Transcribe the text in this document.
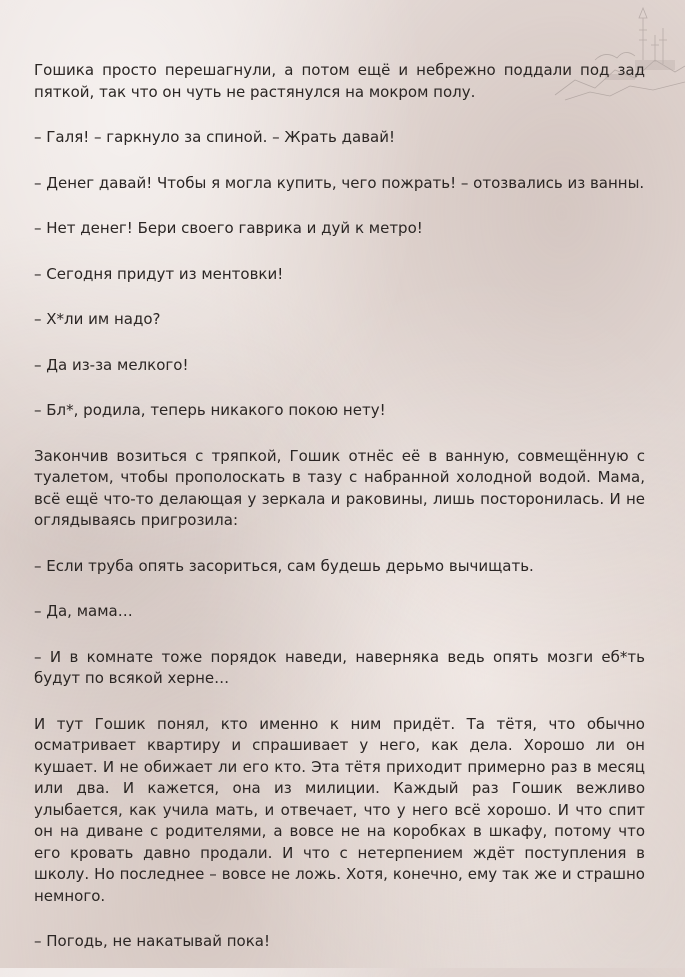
Гошика просто перешагнули, а потом ещё и небрежно поддали под зад пяткой, так что он чуть не растянулся на мокром полу.

– Галя! – гаркнуло за спиной. – Жрать давай!

– Денег давай! Чтобы я могла купить, чего пожрать! – отозвались из ванны.

– Нет денег! Бери своего гаврика и дуй к метро!

– Сегодня придут из ментовки!

– Х*ли им надо?

– Да из-за мелкого!

– Бл*, родила, теперь никакого покою нету!

Закончив возиться с тряпкой, Гошик отнёс её в ванную, совмещённую с туалетом, чтобы прополоскать в тазу с набранной холодной водой. Мама, всё ещё что-то делающая у зеркала и раковины, лишь посторонилась. И не оглядываясь пригрозила:

– Если труба опять засориться, сам будешь дерьмо вычищать.

– Да, мама…

– И в комнате тоже порядок наведи, наверняка ведь опять мозги еб*ть будут по всякой херне…

И тут Гошик понял, кто именно к ним придёт. Та тётя, что обычно осматривает квартиру и спрашивает у него, как дела. Хорошо ли он кушает. И не обижает ли его кто. Эта тётя приходит примерно раз в месяц или два. И кажется, она из милиции. Каждый раз Гошик вежливо улыбается, как учила мать, и отвечает, что у него всё хорошо. И что спит он на диване с родителями, а вовсе не на коробках в шкафу, потому что его кровать давно продали. И что с нетерпением ждёт поступления в школу. Но последнее – вовсе не ложь. Хотя, конечно, ему так же и страшно немного.

– Погодь, не накатывай пока!
